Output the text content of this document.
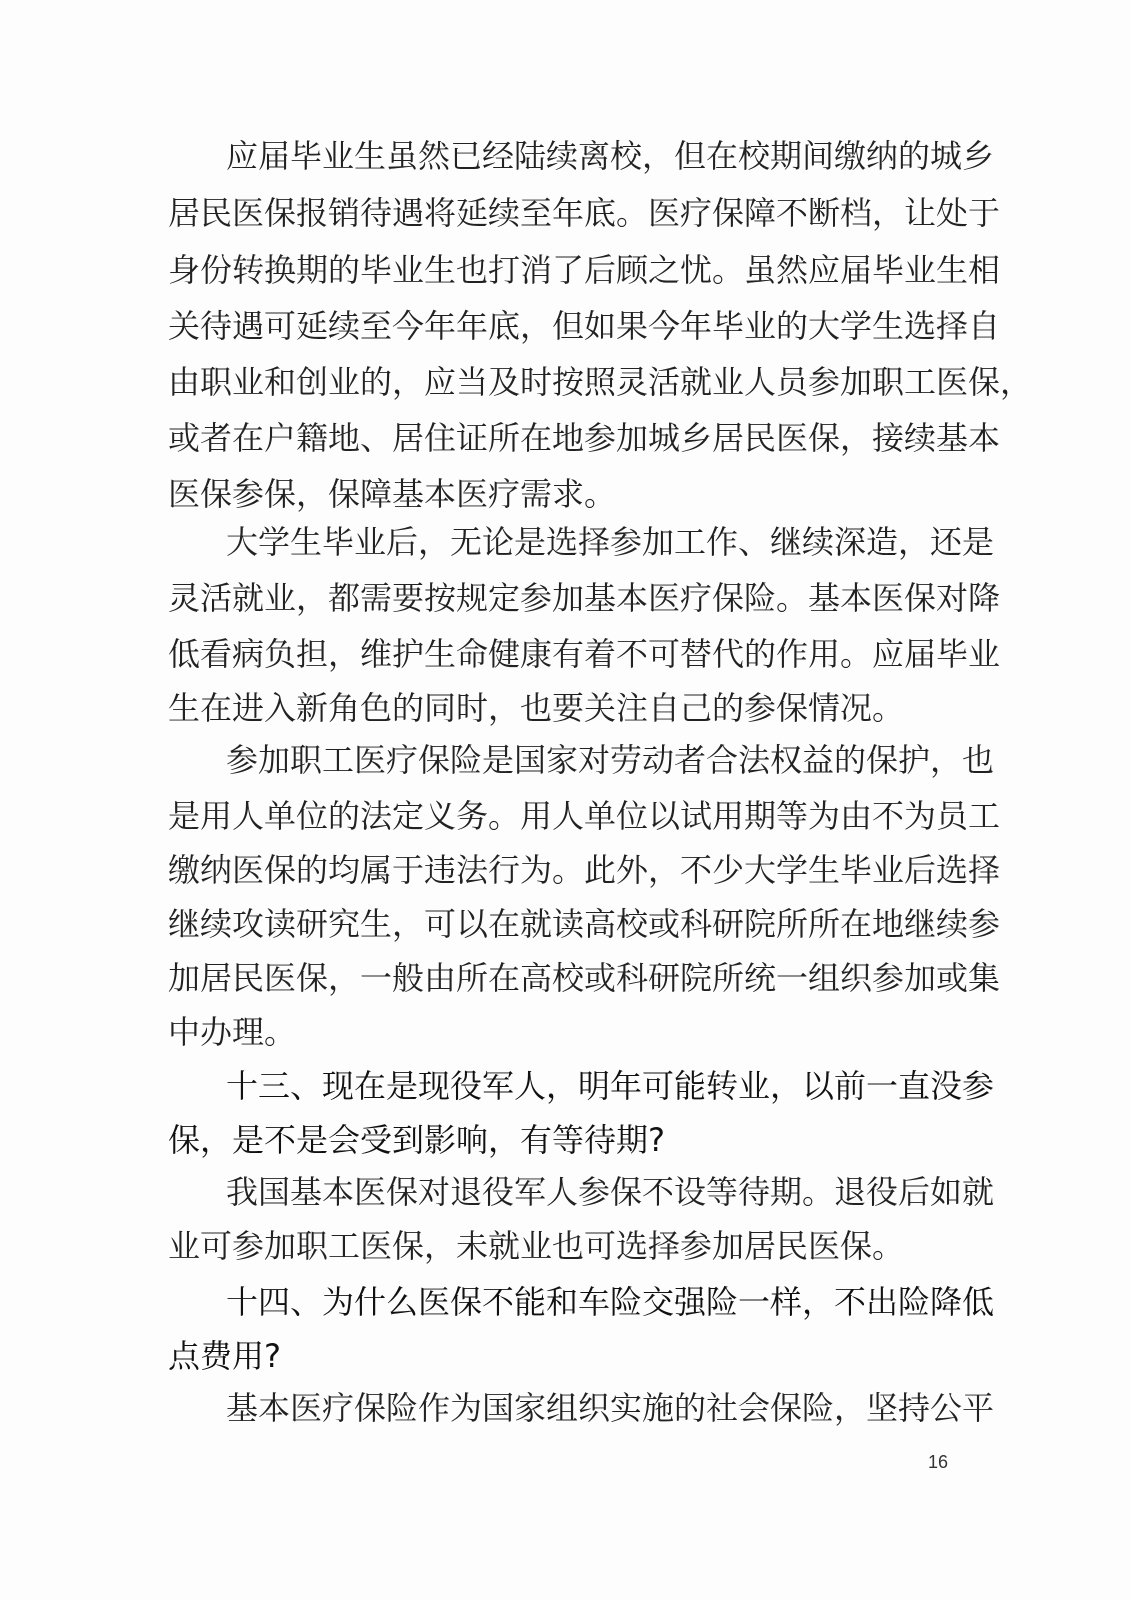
应届毕业生虽然已经陆续离校，但在校期间缴纳的城乡
居民医保报销待遇将延续至年底。医疗保障不断档，让处于
身份转换期的毕业生也打消了后顾之忧。虽然应届毕业生相
关待遇可延续至今年年底，但如果今年毕业的大学生选择自
由职业和创业的，应当及时按照灵活就业人员参加职工医保，
或者在户籍地、居住证所在地参加城乡居民医保，接续基本
医保参保，保障基本医疗需求。
大学生毕业后，无论是选择参加工作、继续深造，还是
灵活就业，都需要按规定参加基本医疗保险。基本医保对降
低看病负担，维护生命健康有着不可替代的作用。应届毕业
生在进入新角色的同时，也要关注自己的参保情况。
参加职工医疗保险是国家对劳动者合法权益的保护，也
是用人单位的法定义务。用人单位以试用期等为由不为员工
缴纳医保的均属于违法行为。此外，不少大学生毕业后选择
继续攻读研究生，可以在就读高校或科研院所所在地继续参
加居民医保，一般由所在高校或科研院所统一组织参加或集
中办理。
十三、现在是现役军人，明年可能转业，以前一直没参
保，是不是会受到影响，有等待期?
我国基本医保对退役军人参保不设等待期。退役后如就
业可参加职工医保，未就业也可选择参加居民医保。
十四、为什么医保不能和车险交强险一样，不出险降低
点费用?
基本医疗保险作为国家组织实施的社会保险，坚持公平
16
